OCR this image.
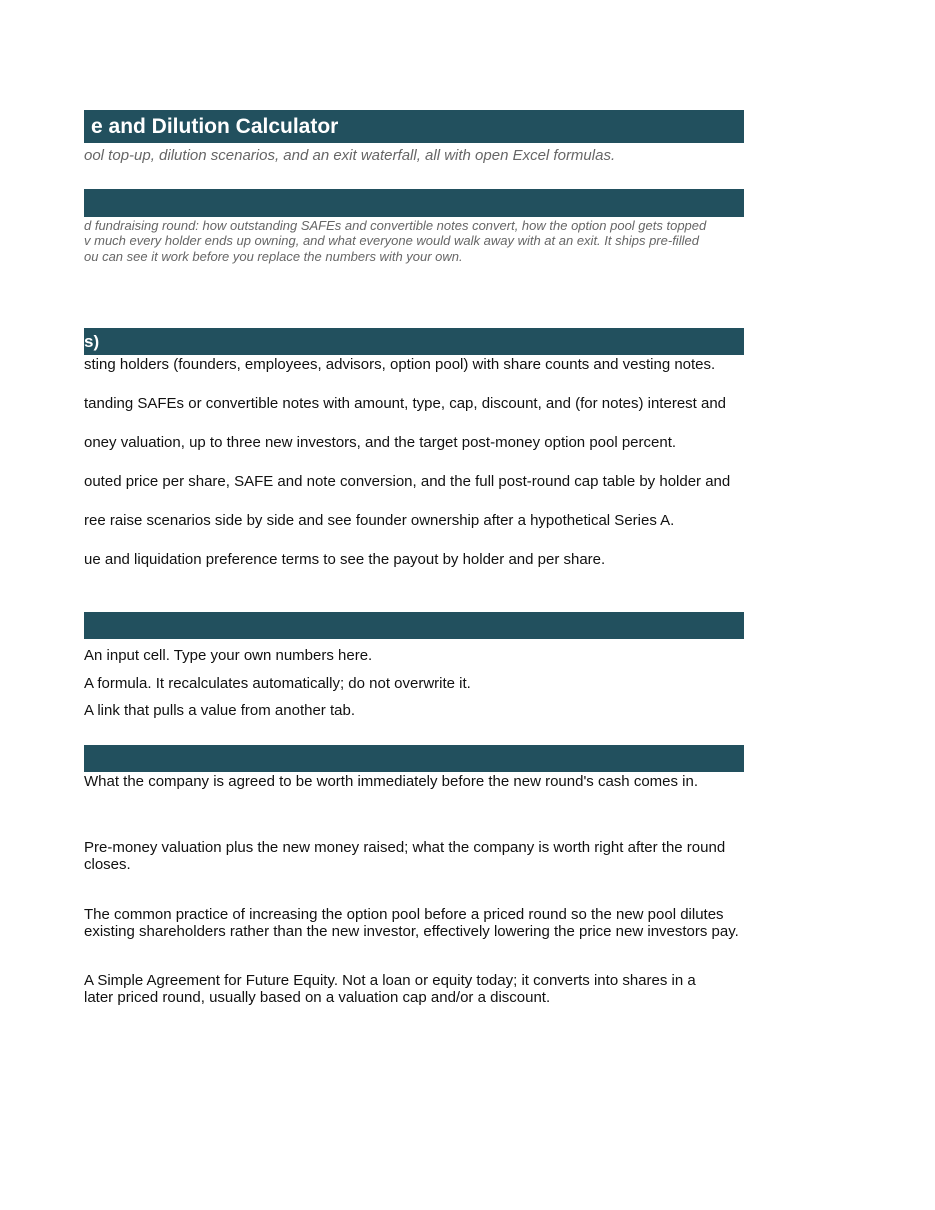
e and Dilution Calculator
ool top-up, dilution scenarios, and an exit waterfall, all with open Excel formulas.
d fundraising round: how outstanding SAFEs and convertible notes convert, how the option pool gets topped
v much every holder ends up owning, and what everyone would walk away with at an exit. It ships pre-filled
ou can see it work before you replace the numbers with your own.
s)
sting holders (founders, employees, advisors, option pool) with share counts and vesting notes.
tanding SAFEs or convertible notes with amount, type, cap, discount, and (for notes) interest and
oney valuation, up to three new investors, and the target post-money option pool percent.
outed price per share, SAFE and note conversion, and the full post-round cap table by holder and
ree raise scenarios side by side and see founder ownership after a hypothetical Series A.
ue and liquidation preference terms to see the payout by holder and per share.
An input cell. Type your own numbers here.
A formula. It recalculates automatically; do not overwrite it.
A link that pulls a value from another tab.
What the company is agreed to be worth immediately before the new round's cash comes in.
Pre-money valuation plus the new money raised; what the company is worth right after the round closes.
The common practice of increasing the option pool before a priced round so the new pool dilutes existing shareholders rather than the new investor, effectively lowering the price new investors pay.
A Simple Agreement for Future Equity. Not a loan or equity today; it converts into shares in a later priced round, usually based on a valuation cap and/or a discount.
